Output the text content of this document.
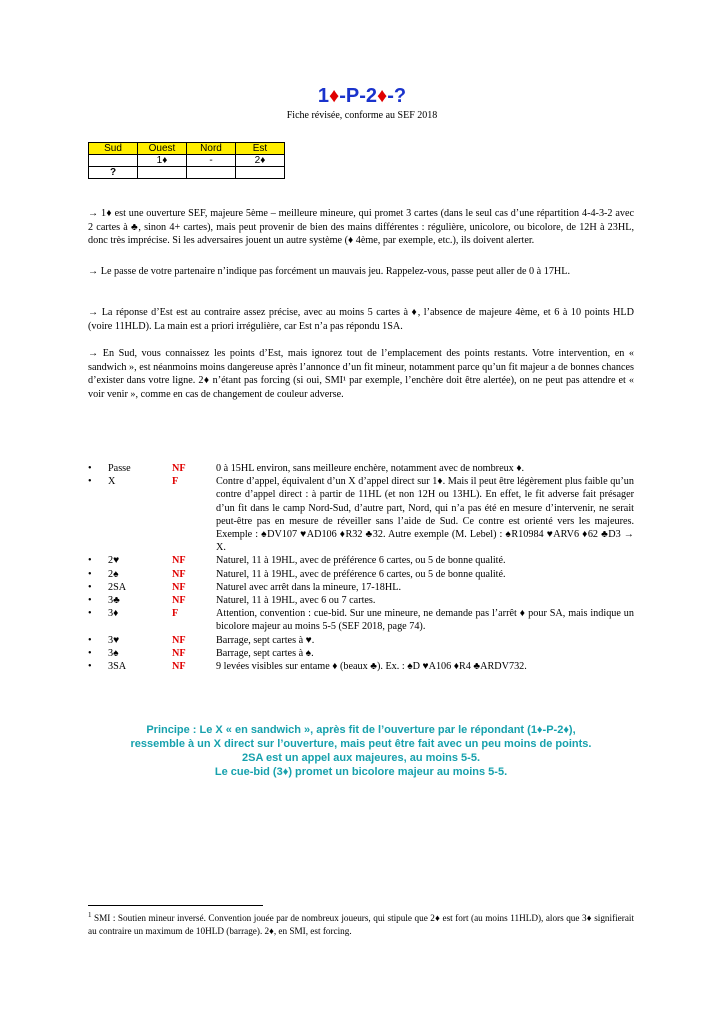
1♦-P-2♦-?
Fiche révisée, conforme au SEF 2018
Sud	Ouest	Nord	Est
	1♦	-	2♦
?			
→ 1♦ est une ouverture SEF, majeure 5ème – meilleure mineure, qui promet 3 cartes (dans le seul cas d’une répartition 4-4-3-2 avec 2 cartes à ♣, sinon 4+ cartes), mais peut provenir de bien des mains différentes : régulière, unicolore, ou bicolore, de 12H à 23HL, donc très imprécise. Si les adversaires jouent un autre système (♦ 4ème, par exemple, etc.), ils doivent alerter.
→ Le passe de votre partenaire n’indique pas forcément un mauvais jeu. Rappelez-vous, passe peut aller de 0 à 17HL.
→ La réponse d’Est est au contraire assez précise, avec au moins 5 cartes à ♦, l’absence de majeure 4ème, et 6 à 10 points HLD (voire 11HLD). La main est a priori irrégulière, car Est n’a pas répondu 1SA.
→ En Sud, vous connaissez les points d’Est, mais ignorez tout de l’emplacement des points restants. Votre intervention, en « sandwich », est néanmoins moins dangereuse après l’annonce d’un fit mineur, notamment parce qu’un fit majeur a de bonnes chances d’exister dans votre ligne. 2♦ n’étant pas forcing (si oui, SMI¹ par exemple, l’enchère doit être alertée), on ne peut pas attendre et « voir venir », comme en cas de changement de couleur adverse.
• Passe	NF	0 à 15HL environ, sans meilleure enchère, notamment avec de nombreux ♦.
• X	F	Contre d’appel, équivalent d’un X d’appel direct sur 1♦. Mais il peut être légèrement plus faible qu’un contre d’appel direct : à partir de 11HL (et non 12H ou 13HL). En effet, le fit adverse fait présager d’un fit dans le camp Nord-Sud, d’autre part, Nord, qui n’a pas été en mesure d’intervenir, ne serait peut-être pas en mesure de réveiller sans l’aide de Sud. Ce contre est orienté vers les majeures. Exemple : ♠DV107 ♥AD106 ♦R32 ♣32. Autre exemple (M. Lebel) : ♠R10984 ♥ARV6 ♦62 ♣D3 → X.
• 2♥	NF	Naturel, 11 à 19HL, avec de préférence 6 cartes, ou 5 de bonne qualité.
• 2♠	NF	Naturel, 11 à 19HL, avec de préférence 6 cartes, ou 5 de bonne qualité.
• 2SA	NF	Naturel avec arrêt dans la mineure, 17-18HL.
• 3♣	NF	Naturel, 11 à 19HL, avec 6 ou 7 cartes.
• 3♦	F	Attention, convention : cue-bid. Sur une mineure, ne demande pas l’arrêt ♦ pour SA, mais indique un bicolore majeur au moins 5-5 (SEF 2018, page 74).
• 3♥	NF	Barrage, sept cartes à ♥.
• 3♠	NF	Barrage, sept cartes à ♠.
• 3SA	NF	9 levées visibles sur entame ♦ (beaux ♣). Ex. : ♠D ♥A106 ♦R4 ♣ARDV732.
Principe : Le X « en sandwich », après fit de l’ouverture par le répondant (1♦-P-2♦),
ressemble à un X direct sur l’ouverture, mais peut être fait avec un peu moins de points.
2SA est un appel aux majeures, au moins 5-5.
Le cue-bid (3♦) promet un bicolore majeur au moins 5-5.
$^1$ SMI : Soutien mineur inversé. Convention jouée par de nombreux joueurs, qui stipule que 2♦ est fort (au moins 11HLD), alors que 3♦ signifierait au contraire un maximum de 10HLD (barrage). 2♦, en SMI, est forcing.
